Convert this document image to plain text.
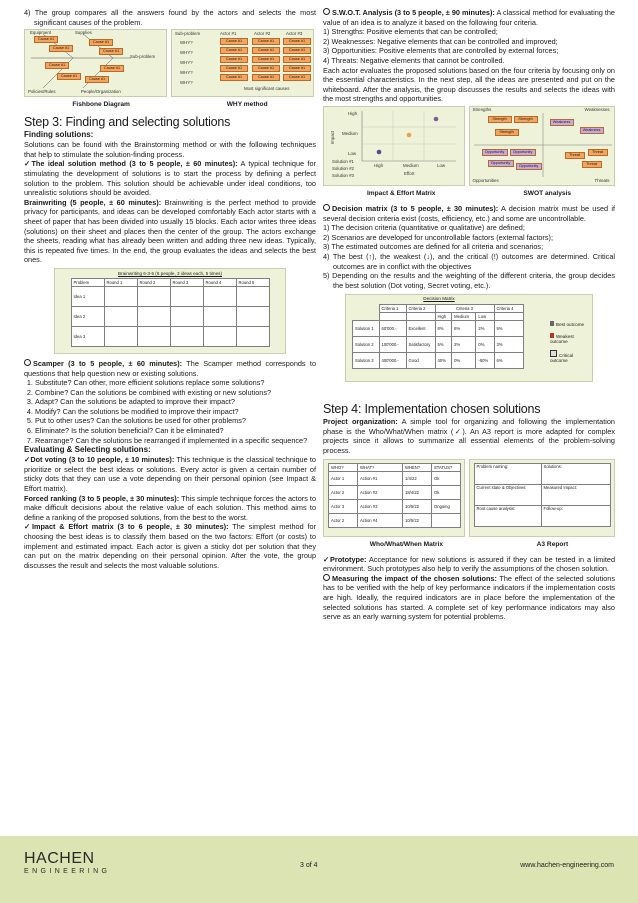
4) The group compares all the answers found by the actors and selects the most significant causes of the problem.

Equipment	Supplies
Sub-problem
Policies/Rules	People/Organization
Cause #1
Cause #1
Cause #1
Cause #1
Cause #1
Cause #1
Cause #1
Cause #1
Sub-problem	Actor #1	Actor #2	Actor #3
WHY?
WHY?
WHY?
WHY?
WHY?
Cause #1
Cause #1
Cause #1
Cause #1
Cause #1
Cause #1
Cause #1
Cause #1
Cause #1
Cause #1
Cause #1
Cause #1
Cause #1
Cause #1
Cause #1
Most significant causes
Fishbone Diagram	WHY method
Step 3: Finding and selecting solutions
Finding solutions:

Solutions can be found with the Brainstorming method or with the following techniques that help to stimulate the solution-finding process.

✓The ideal solution method (3 to 5 people, ± 60 minutes): A typical technique for stimulating the development of solutions is to start the process by defining a perfect solution to the problem. This solution should be achievable under ideal conditions, too unrealistic solutions should be avoided.

Brainwriting (5 people, ± 60 minutes): Brainwriting is the perfect method to provide privacy for participants, and ideas can be developed comfortably Each actor starts with a sheet of paper that has been divided into usually 15 blocks. Each actor writes three ideas (solutions) on their sheet and places then the center of the group. The actors exchange the sheets, reading what has already been written and adding three new ideas. Typically, this is repeated five times. In the end, the group evaluates the ideas and selects the best ones.

Brainwriting 6-3-5 (6 people, 3 ideas each, 5 times)
Problem	Round 1	Round 2	Round 3	Round 4	Round 5
Idea 1					
Idea 2					
Idea 3					

Scamper (3 to 5 people, ± 60 minutes): The Scamper method corresponds to questions that help question new or existing solutions.

1. Substitute? Can other, more efficient solutions replace some solutions?
2. Combine? Can the solutions be combined with existing or new solutions?
3. Adapt? Can the solutions be adapted to improve their impact?
4. Modify? Can the solutions be modified to improve their impact?
5. Put to other uses? Can the solutions be used for other problems?
6. Eliminate? Is the solution beneficial? Can it be eliminated?
7. Rearrange? Can the solutions be rearranged if implemented in a specific sequence?
Evaluating & Selecting solutions:

✓Dot voting (3 to 10 people, ± 10 minutes): This technique is the classical technique to prioritize or select the best ideas or solutions. Every actor is given a certain number of sticky dots that they can use a vote depending on their personal opinion (see Impact & Effort matrix).

Forced ranking (3 to 5 people, ± 30 minutes): This simple technique forces the actors to make difficult decisions about the relative value of each solution. This method aims to define a ranking of the proposed solutions, from the best to the worst.

✓Impact & Effort matrix (3 to 6 people, ± 30 minutes): The simplest method for choosing the best ideas is to classify them based on the two factors: Effort (or costs) to implement and estimated impact. Each actor is given a sticky dot per solution that they can put on the matrix depending on their personal opinion. After the vote, the group discusses the result and selects the most valuable solutions.

S.W.O.T. Analysis (3 to 5 people, ± 90 minutes): A classical method for evaluating the value of an idea is to analyze it based on the following four criteria.

1) Strengths: Positive elements that can be controlled;

2) Weaknesses: Negative elements that can be controlled and improved;

3) Opportunities: Positive elements that are controlled by external forces;

4) Threats: Negative elements that cannot be controlled.

Each actor evaluates the proposed solutions based on the four criteria by focusing only on the essential characteristics. In the next step, all the ideas are presented and put on the whiteboard. After the analysis, the group discusses the results and selects the ideas with the most strengths and opportunities.

Impact
High
Medium
Low
High	Medium	Low
Effort
Solution #1
Solution #2
Solution #3
Strengths	Weaknesses
Opportunities	Threats
Strength	Strength
Strength
Weakness
Weakness
Opportunity	Opportunity
Opportunity
Opportunity
Threat
Threat
Threat
Impact & Effort Matrix	SWOT analysis

Decision matrix (3 to 5 people, ± 30 minutes): A decision matrix must be used if several decision criteria exist (costs, efficiency, etc.) and some are uncontrollable.

1) The decision criteria (quantitative or qualitative) are defined;

2) Scenarios are developed for uncontrollable factors (external factors);

3) The estimated outcomes are defined for all criteria and scenarios;

4) The best (↑), the weakest (↓), and the critical (!) outcomes are determined. Critical outcomes are in conflict with the objectives

5) Depending on the results and the weighting of the different criteria, the group decides the best solution (Dot voting, Secret voting, etc.).

Decision Matrix
	Criteria 1	Criteria 2	Criteria 3			Criteria 4
			High	Medium	Low	
Solution 1	60'000.-	Excellent	8%	6%	2%	9%
Solution 2	100'000.-	Satisfactory	5%	2%	0%	3%
Solution 3	400'000.-	Good	40%	0%	-50%	6%
Best outcome
Weakest outcome
Critical outcome
Step 4: Implementation chosen solutions

Project organization: A simple tool for organizing and following the implementation phase is the Who/What/When matrix (✓). An A3 report is more adapted for complex projects since it allows to summarize all essential elements of the problem-solving process.

WHO?	WHAT?	WHEN?	STATUS?
Actor 1	Action #1	1/4/22	Ok
Actor 2	Action #2	18/4/22	Ok
Actor 3	Action #3	10/5/22	Ongoing
Actor 2	Action #4	10/5/22	
Problem naming:	Solutions:
Current state & Objectives:	Measured Impact:
Root cause analysis:	Follow-up:
Who/What/When Matrix	A3 Report

✓Prototype: Acceptance for new solutions is assured if they can be tested in a limited environment. Such prototypes also help to verify the assumptions of the chosen solution.

Measuring the impact of the chosen solutions: The effect of the selected solutions has to be verified with the help of key performance indicators if the implementation costs are high. Ideally, the required indicators are in place before the implementation of the selected solutions has started. A complete set of key performance indicators may also serve as an early warning system for potential problems.

HACHEN
ENGINEERING
3 of 4	www.hachen-engineering.com
